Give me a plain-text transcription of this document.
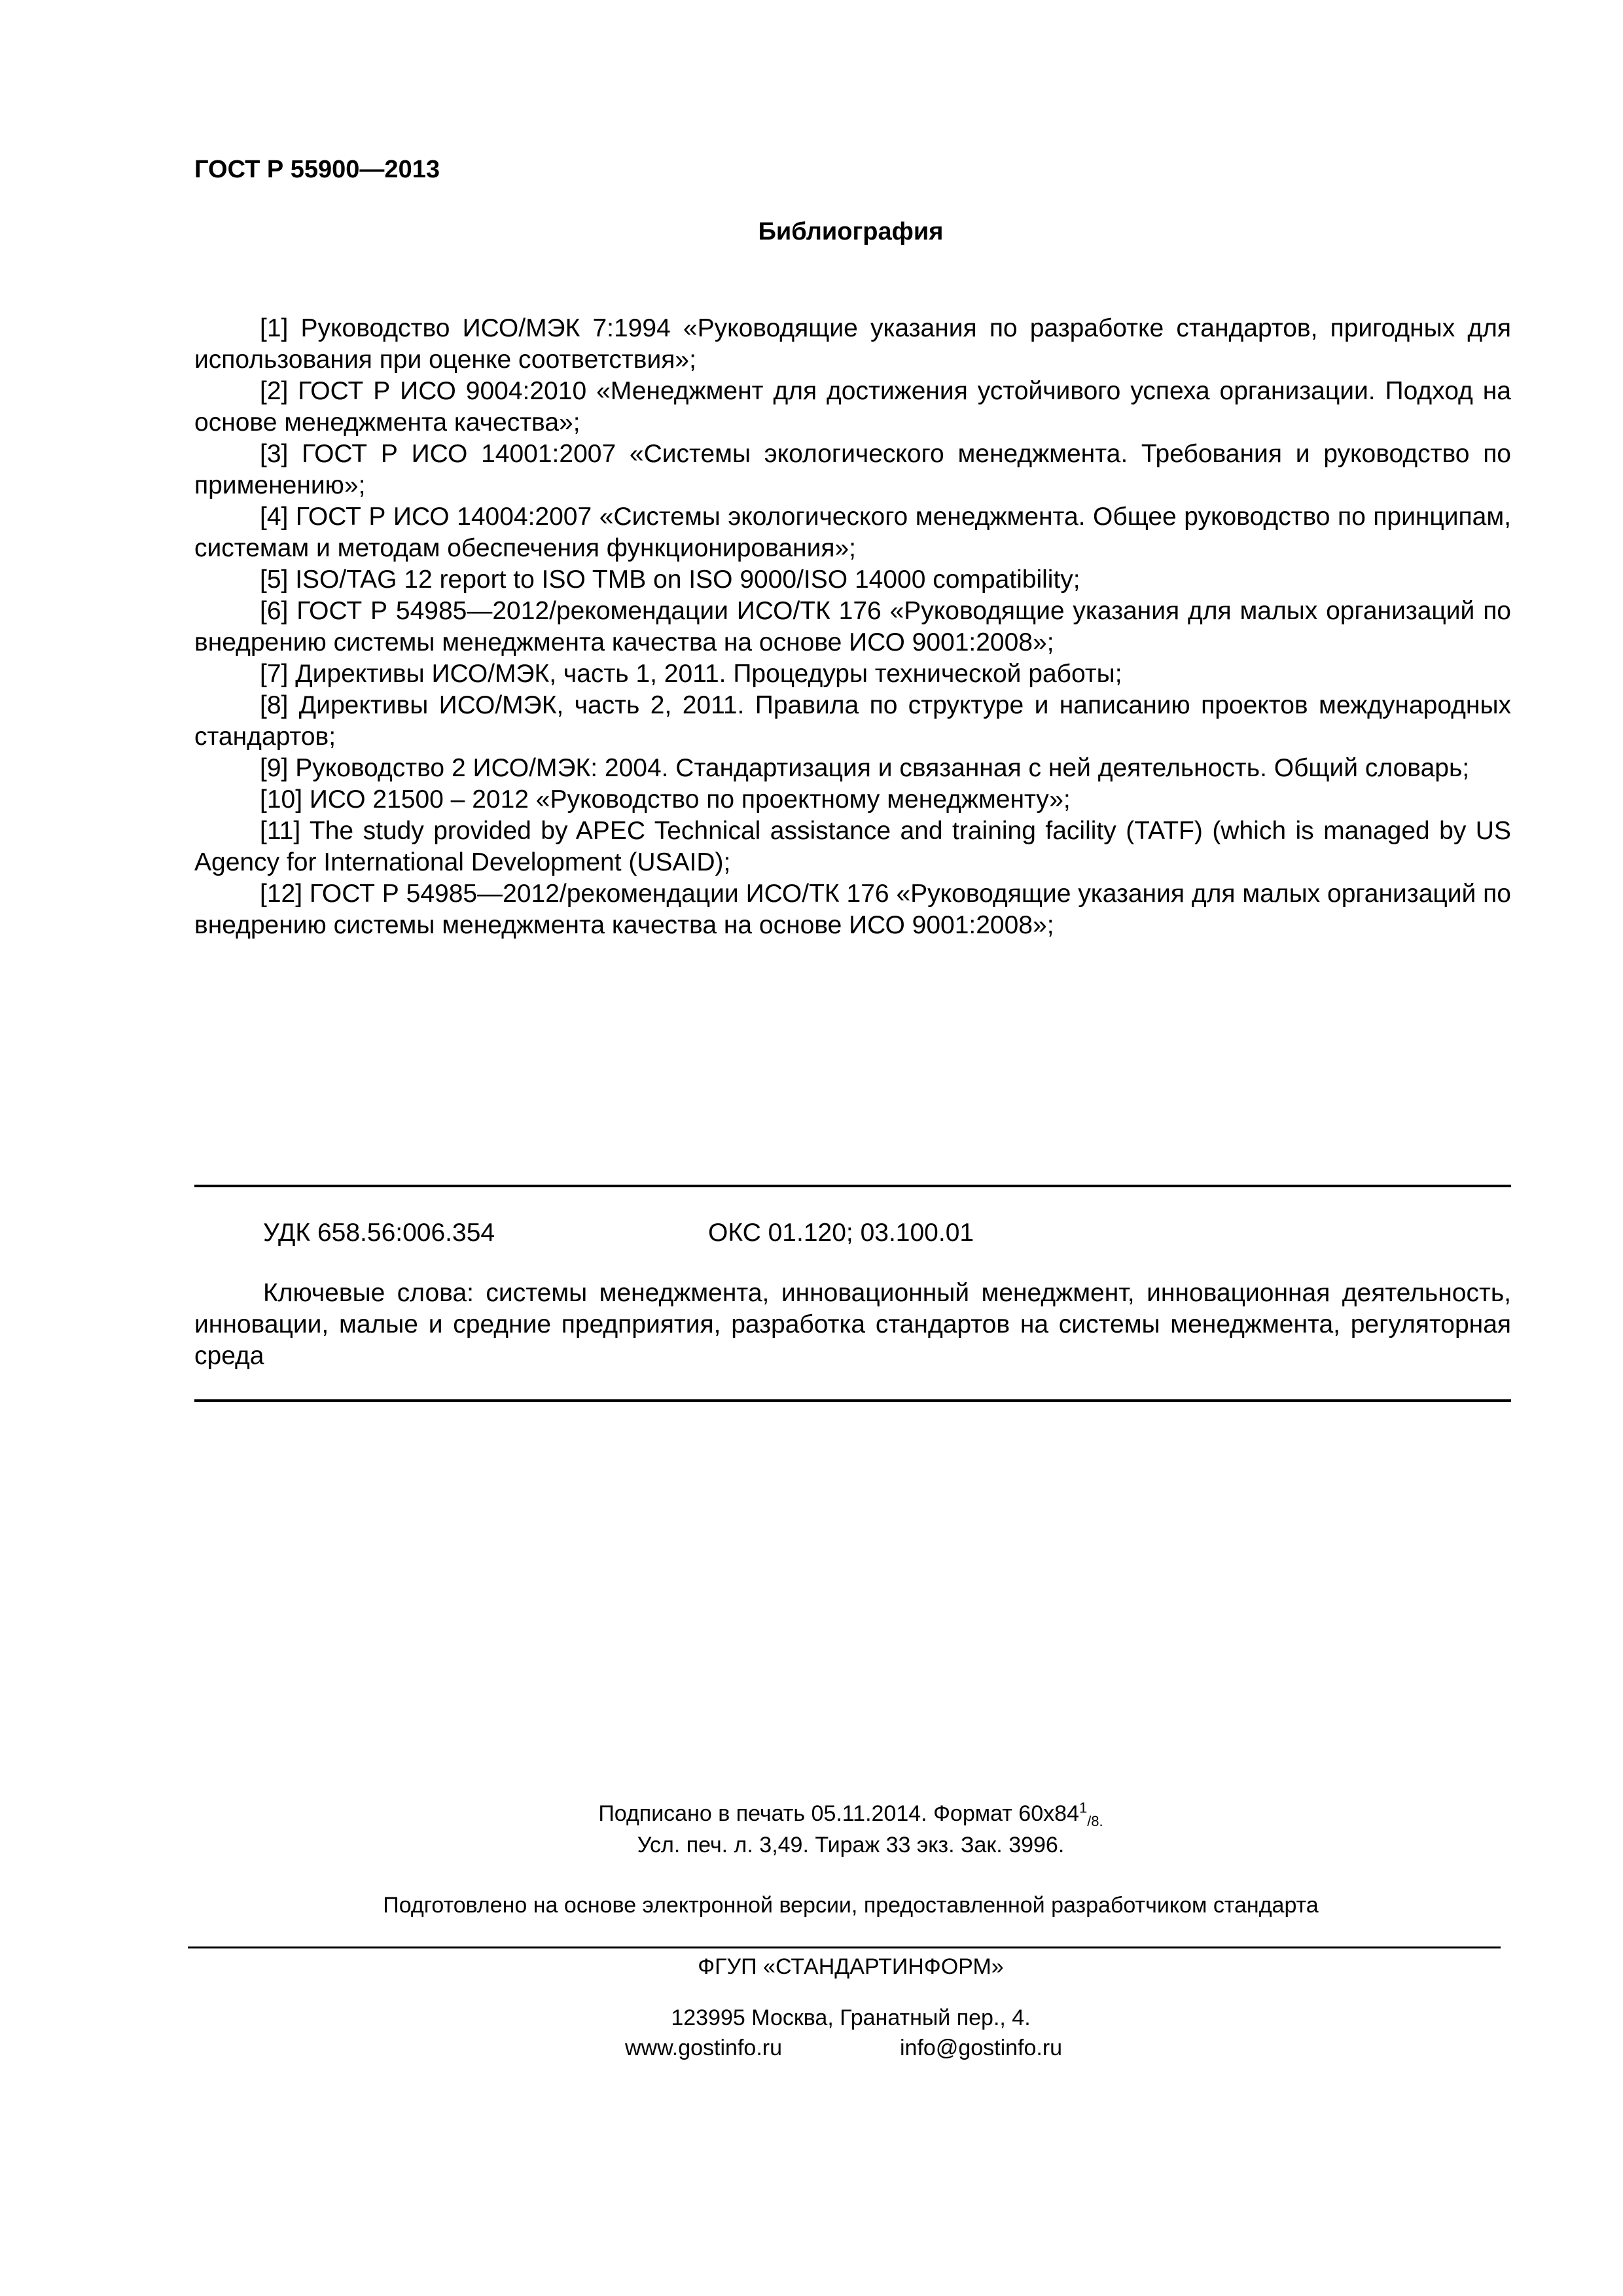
ГОСТ Р 55900—2013
Библиография

[1] Руководство ИСО/МЭК 7:1994 «Руководящие указания по разработке стандартов, пригодных для использования при оценке соответствия»;

[2] ГОСТ Р ИСО 9004:2010 «Менеджмент для достижения устойчивого успеха организации. Подход на основе менеджмента качества»;

[3] ГОСТ Р ИСО 14001:2007 «Системы экологического менеджмента. Требования и руководство по применению»;

[4] ГОСТ Р ИСО 14004:2007 «Системы экологического менеджмента. Общее руководство по принципам, системам и методам обеспечения функционирования»;

[5] ISO/TAG 12 report to ISO TMB on ISO 9000/ISO 14000 compatibility;

[6] ГОСТ Р 54985—2012/рекомендации ИСО/ТК 176 «Руководящие указания для малых организаций по внедрению системы менеджмента качества на основе ИСО 9001:2008»;

[7] Директивы ИСО/МЭК, часть 1, 2011. Процедуры технической работы;

[8] Директивы ИСО/МЭК, часть 2, 2011. Правила по структуре и написанию проектов международных стандартов;

[9] Руководство 2 ИСО/МЭК: 2004. Стандартизация и связанная с ней деятельность. Общий словарь;

[10] ИСО 21500 – 2012 «Руководство по проектному менеджменту»;

[11] The study provided by APEC Technical assistance and training facility (TATF) (which is managed by US Agency for International Development (USAID);

[12] ГОСТ Р 54985—2012/рекомендации ИСО/ТК 176 «Руководящие указания для малых организаций по внедрению системы менеджмента качества на основе ИСО 9001:2008»;

УДК 658.56:006.354	ОКС 01.120; 03.100.01
Ключевые слова: системы менеджмента, инновационный менеджмент, инновационная деятельность, инновации, малые и средние предприятия, разработка стандартов на системы менеджмента, регуляторная среда
Подписано в печать 05.11.2014. Формат $60х84^1_{/8.}$
Усл. печ. л. 3,49. Тираж 33 экз. Зак. 3996.
Подготовлено на основе электронной версии, предоставленной разработчиком стандарта
ФГУП «СТАНДАРТИНФОРМ»
123995 Москва, Гранатный пер., 4.
www.gostinfo.ru	info@gostinfo.ru
